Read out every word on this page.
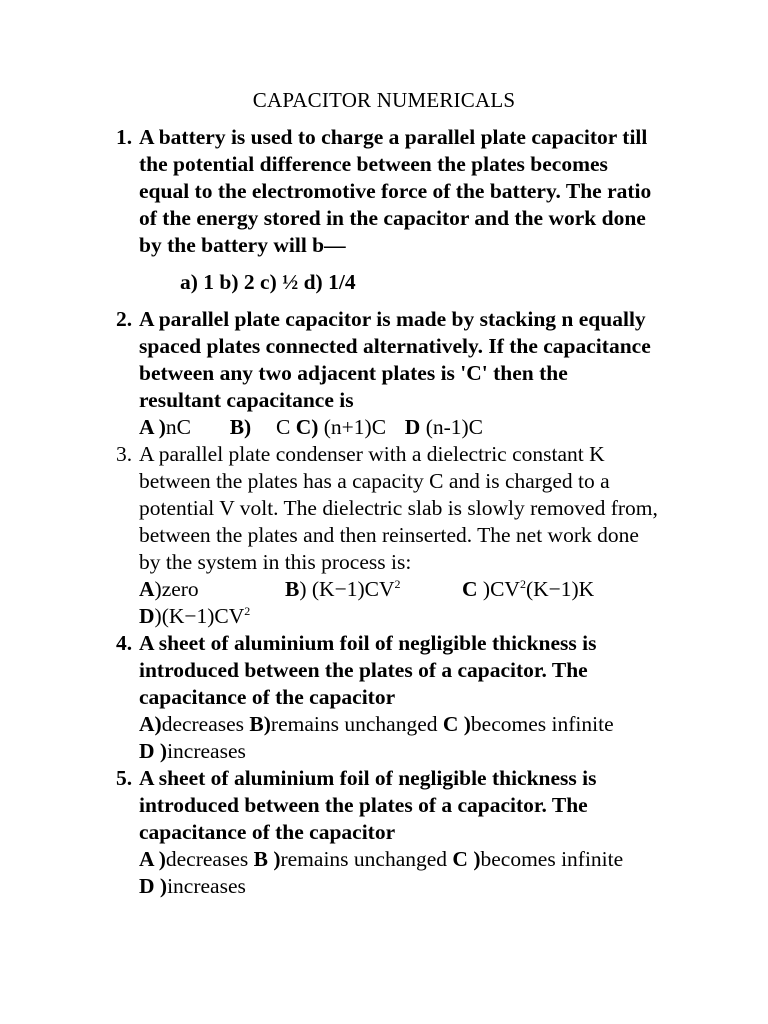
CAPACITOR NUMERICALS
1. A battery is used to charge a parallel plate capacitor till the potential difference between the plates becomes equal to the electromotive force of the battery. The ratio of the energy stored in the capacitor and the work done by the battery will b—
a) 1 b) 2 c) ½ d) 1/4
2. A parallel plate capacitor is made by stacking n equally spaced plates connected alternatively. If the capacitance between any two adjacent plates is 'C' then the resultant capacitance is
A )nC B) C C) (n+1)C D (n-1)C
3. A parallel plate condenser with a dielectric constant K between the plates has a capacity C and is charged to a potential V volt. The dielectric slab is slowly removed from, between the plates and then reinserted. The net work done by the system in this process is:
A)zero	B) $(K-1)CV^2$	C )$CV^2(K-1)K$
$D)(K-1)CV^2$
4. A sheet of aluminium foil of negligible thickness is introduced between the plates of a capacitor. The capacitance of the capacitor
A)decreases B)remains unchanged C )becomes infinite
D )increases
5. A sheet of aluminium foil of negligible thickness is introduced between the plates of a capacitor. The capacitance of the capacitor
A )decreases B )remains unchanged C )becomes infinite
D )increases
